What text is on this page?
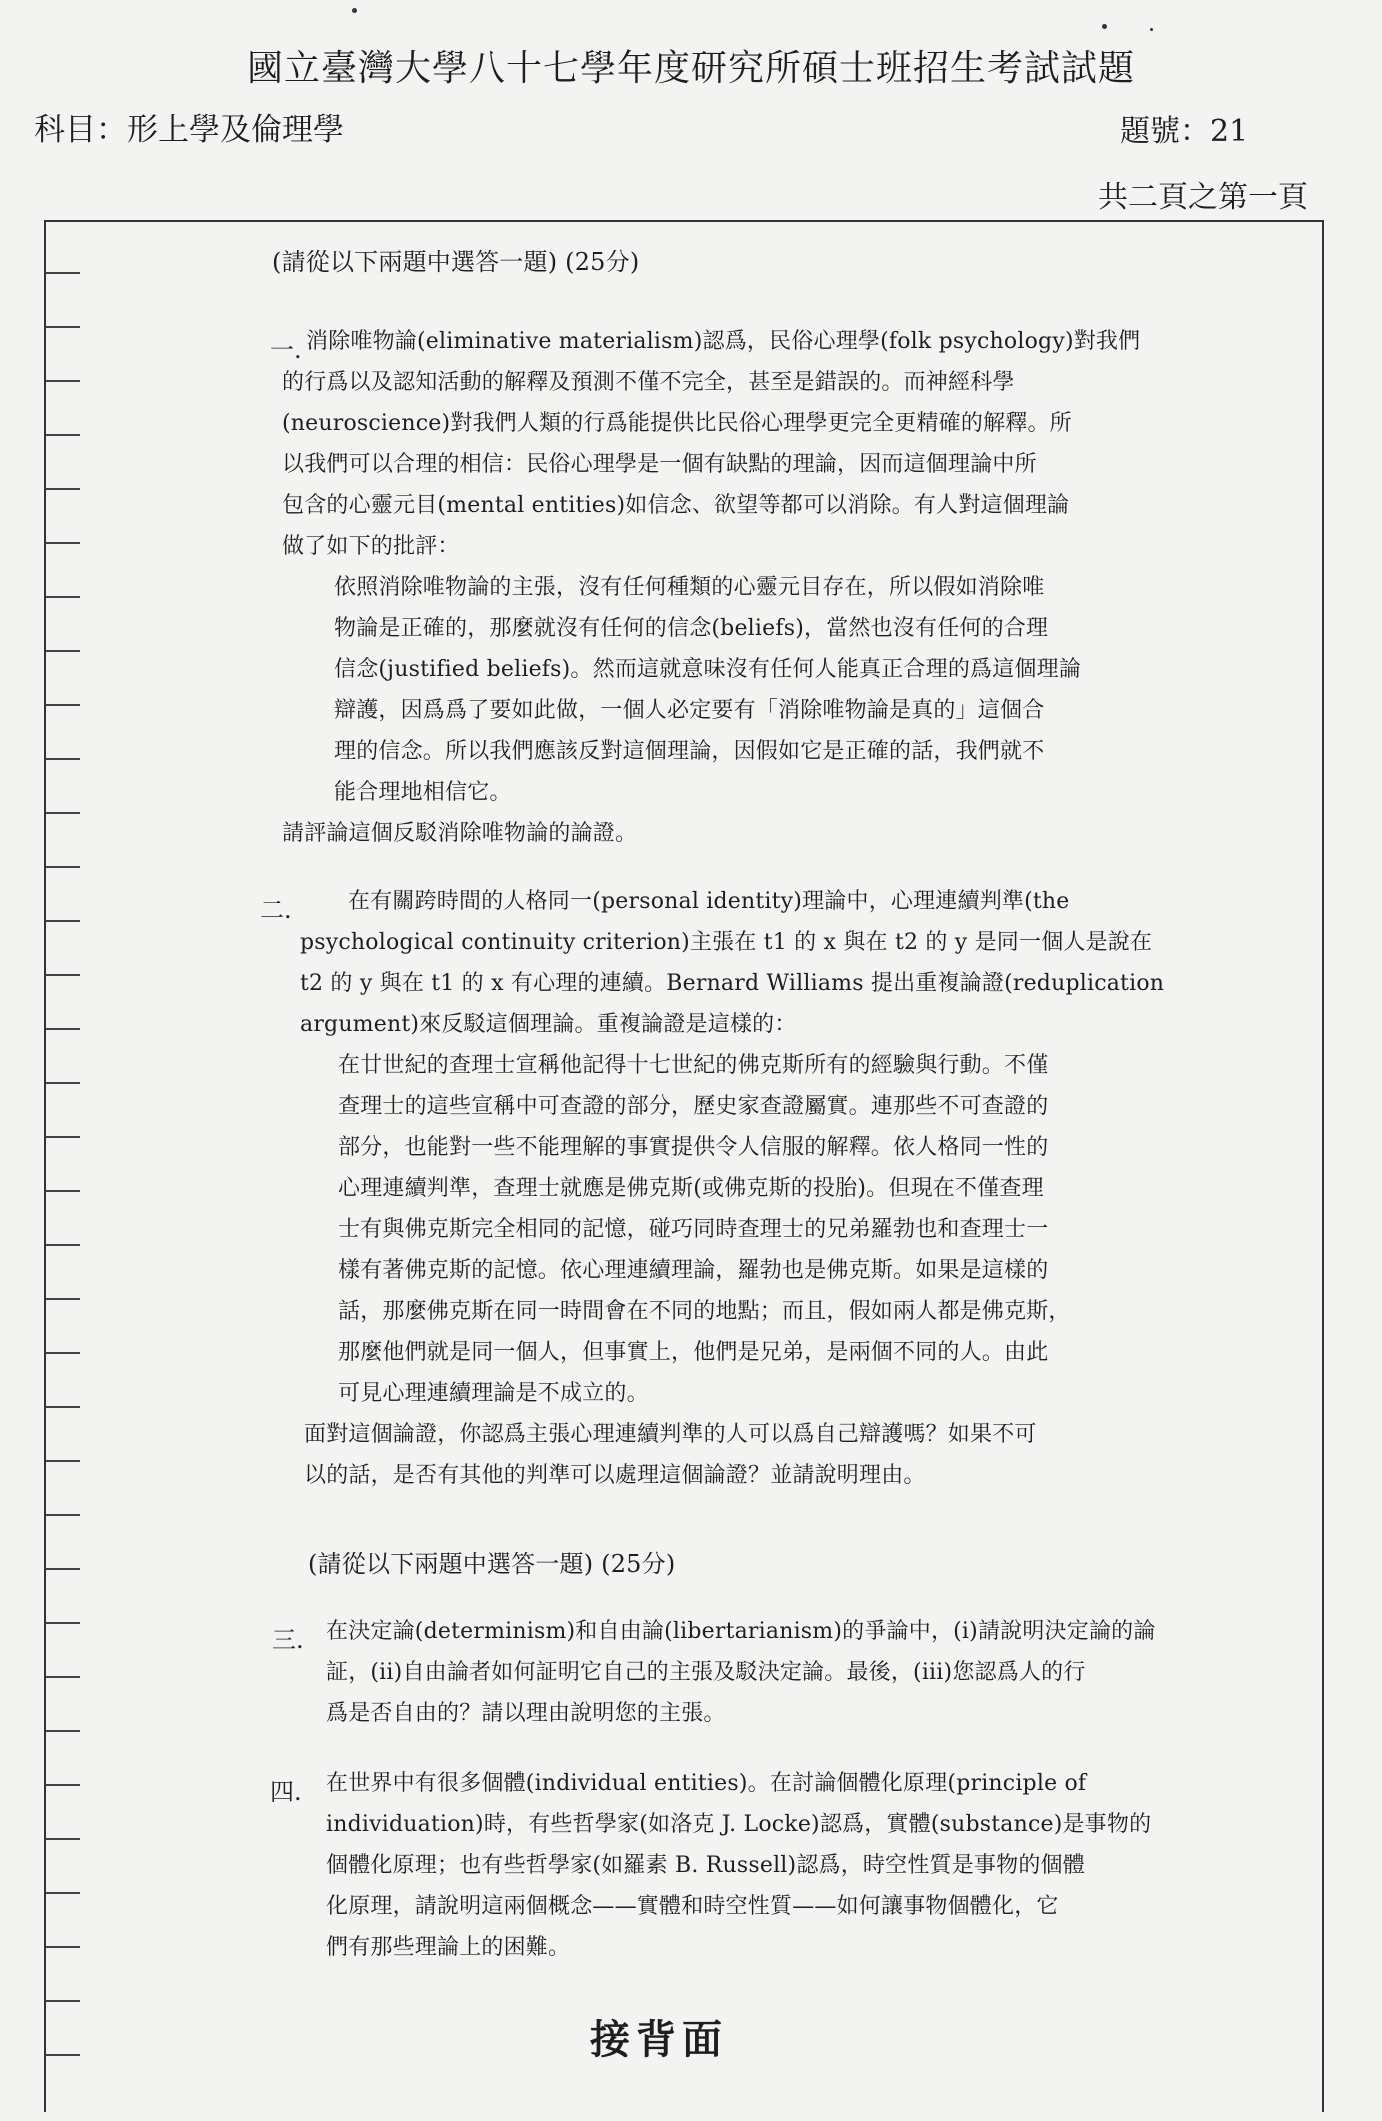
國立臺灣大學八十七學年度研究所碩士班招生考試試題
科目：形上學及倫理學	題號：21
共二頁之第一頁
(請從以下兩題中選答一題) (25分)
一. 消除唯物論(eliminative materialism)認爲，民俗心理學(folk psychology)對我們
的行爲以及認知活動的解釋及預測不僅不完全，甚至是錯誤的。而神經科學
(neuroscience)對我們人類的行爲能提供比民俗心理學更完全更精確的解釋。所
以我們可以合理的相信：民俗心理學是一個有缺點的理論，因而這個理論中所
包含的心靈元目(mental entities)如信念、欲望等都可以消除。有人對這個理論
做了如下的批評：
依照消除唯物論的主張，沒有任何種類的心靈元目存在，所以假如消除唯
物論是正確的，那麼就沒有任何的信念(beliefs)，當然也沒有任何的合理
信念(justified beliefs)。然而這就意味沒有任何人能真正合理的爲這個理論
辯護，因爲爲了要如此做，一個人必定要有「消除唯物論是真的」這個合
理的信念。所以我們應該反對這個理論，因假如它是正確的話，我們就不
能合理地相信它。
請評論這個反駁消除唯物論的論證。
二.	在有關跨時間的人格同一(personal identity)理論中，心理連續判準(the
psychological continuity criterion)主張在 t1 的 x 與在 t2 的 y 是同一個人是說在
t2 的 y 與在 t1 的 x 有心理的連續。Bernard Williams 提出重複論證(reduplication
argument)來反駁這個理論。重複論證是這樣的：
在廿世紀的查理士宣稱他記得十七世紀的佛克斯所有的經驗與行動。不僅
查理士的這些宣稱中可查證的部分，歷史家查證屬實。連那些不可查證的
部分，也能對一些不能理解的事實提供令人信服的解釋。依人格同一性的
心理連續判準，查理士就應是佛克斯(或佛克斯的投胎)。但現在不僅查理
士有與佛克斯完全相同的記憶，碰巧同時查理士的兄弟羅勃也和查理士一
樣有著佛克斯的記憶。依心理連續理論，羅勃也是佛克斯。如果是這樣的
話，那麼佛克斯在同一時間會在不同的地點；而且，假如兩人都是佛克斯，
那麼他們就是同一個人，但事實上，他們是兄弟，是兩個不同的人。由此
可見心理連續理論是不成立的。
面對這個論證，你認爲主張心理連續判準的人可以爲自己辯護嗎？如果不可
以的話，是否有其他的判準可以處理這個論證？並請說明理由。
(請從以下兩題中選答一題) (25分)
三. 在決定論(determinism)和自由論(libertarianism)的爭論中，(i)請說明決定論的論
証，(ii)自由論者如何証明它自己的主張及駁決定論。最後，(iii)您認爲人的行
爲是否自由的？請以理由說明您的主張。
四. 在世界中有很多個體(individual entities)。在討論個體化原理(principle of
individuation)時，有些哲學家(如洛克 J. Locke)認爲，實體(substance)是事物的
個體化原理；也有些哲學家(如羅素 B. Russell)認爲，時空性質是事物的個體
化原理，請說明這兩個概念——實體和時空性質——如何讓事物個體化，它
們有那些理論上的困難。
接背面
